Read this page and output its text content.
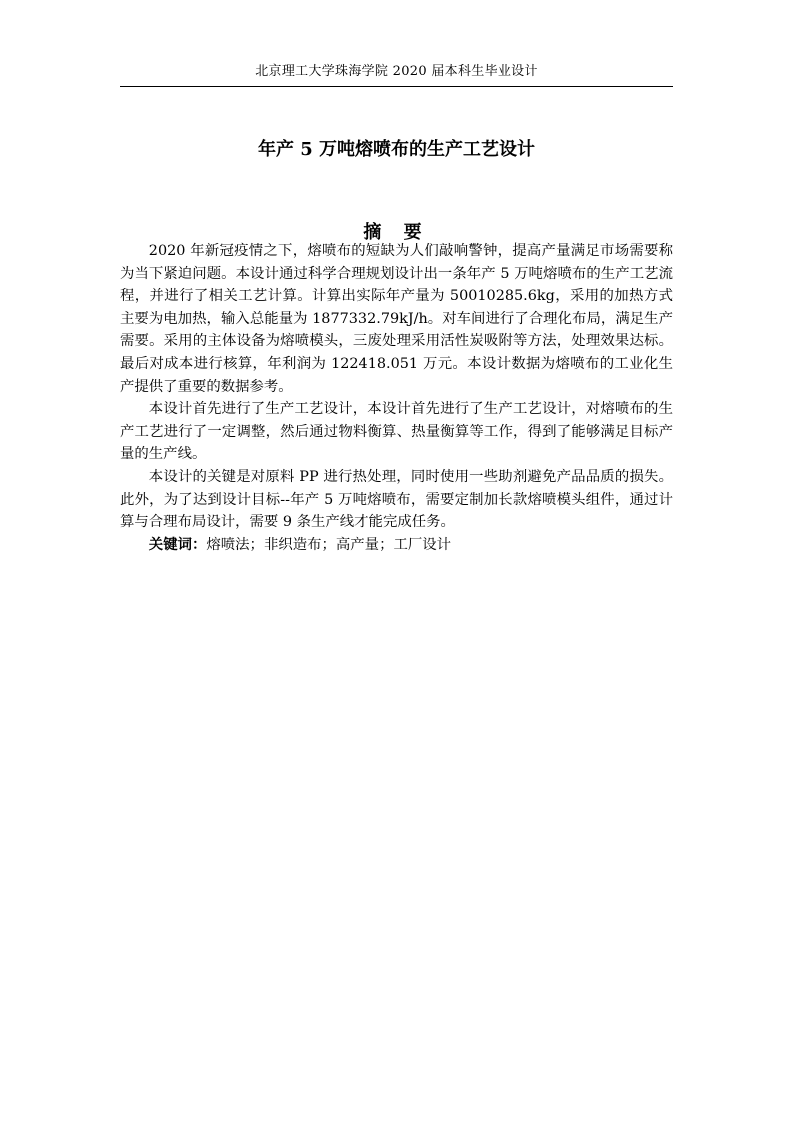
北京理工大学珠海学院 2020 届本科生毕业设计
年产 5 万吨熔喷布的生产工艺设计
摘 要

2020 年新冠疫情之下，熔喷布的短缺为人们敲响警钟，提高产量满足市场需要称为当下紧迫问题。本设计通过科学合理规划设计出一条年产 5 万吨熔喷布的生产工艺流程，并进行了相关工艺计算。计算出实际年产量为 50010285.6kg，采用的加热方式主要为电加热，输入总能量为 1877332.79kJ/h。对车间进行了合理化布局，满足生产需要。采用的主体设备为熔喷模头，三废处理采用活性炭吸附等方法，处理效果达标。最后对成本进行核算，年利润为 122418.051 万元。本设计数据为熔喷布的工业化生产提供了重要的数据参考。

本设计首先进行了生产工艺设计，本设计首先进行了生产工艺设计，对熔喷布的生产工艺进行了一定调整，然后通过物料衡算、热量衡算等工作，得到了能够满足目标产量的生产线。

本设计的关键是对原料 PP 进行热处理，同时使用一些助剂避免产品品质的损失。此外，为了达到设计目标--年产 5 万吨熔喷布，需要定制加长款熔喷模头组件，通过计算与合理布局设计，需要 9 条生产线才能完成任务。

关键词：熔喷法；非织造布；高产量；工厂设计
